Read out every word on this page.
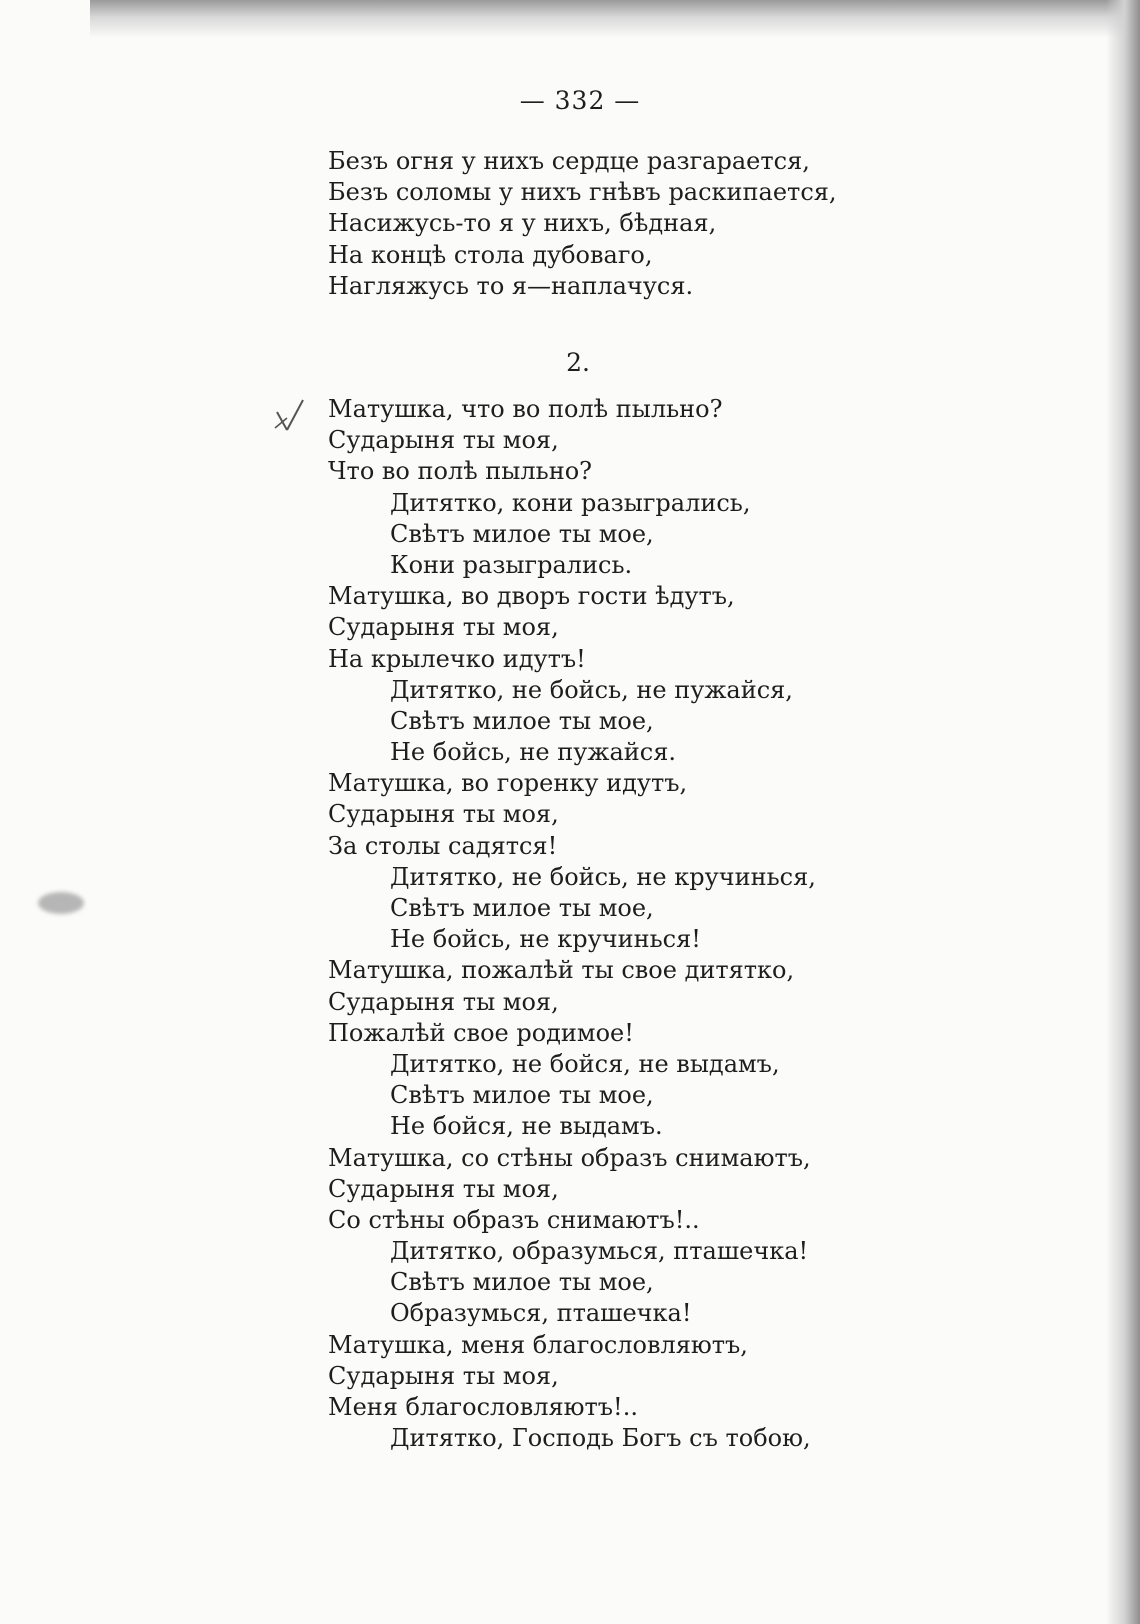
— 332 —
Безъ огня у нихъ сердце разгарается,
Безъ соломы у нихъ гнѣвъ раскипается,
Насижусь-то я у нихъ, бѣдная,
На концѣ стола дубоваго,
Нагляжусь то я—наплачуся.
2.
Матушка, что во полѣ пыльно?
Сударыня ты моя,
Что во полѣ пыльно?
Дитятко, кони разыгрались,
Свѣтъ милое ты мое,
Кони разыгрались.
Матушка, во дворъ гости ѣдутъ,
Сударыня ты моя,
На крылечко идутъ!
Дитятко, не бойсь, не пужайся,
Свѣтъ милое ты мое,
Не бойсь, не пужайся.
Матушка, во горенку идутъ,
Сударыня ты моя,
За столы садятся!
Дитятко, не бойсь, не кручинься,
Свѣтъ милое ты мое,
Не бойсь, не кручинься!
Матушка, пожалѣй ты свое дитятко,
Сударыня ты моя,
Пожалѣй свое родимое!
Дитятко, не бойся, не выдамъ,
Свѣтъ милое ты мое,
Не бойся, не выдамъ.
Матушка, со стѣны образъ снимаютъ,
Сударыня ты моя,
Со стѣны образъ снимаютъ!..
Дитятко, образумься, пташечка!
Свѣтъ милое ты мое,
Образумься, пташечка!
Матушка, меня благословляютъ,
Сударыня ты моя,
Меня благословляютъ!..
Дитятко, Господь Богъ съ тобою,
